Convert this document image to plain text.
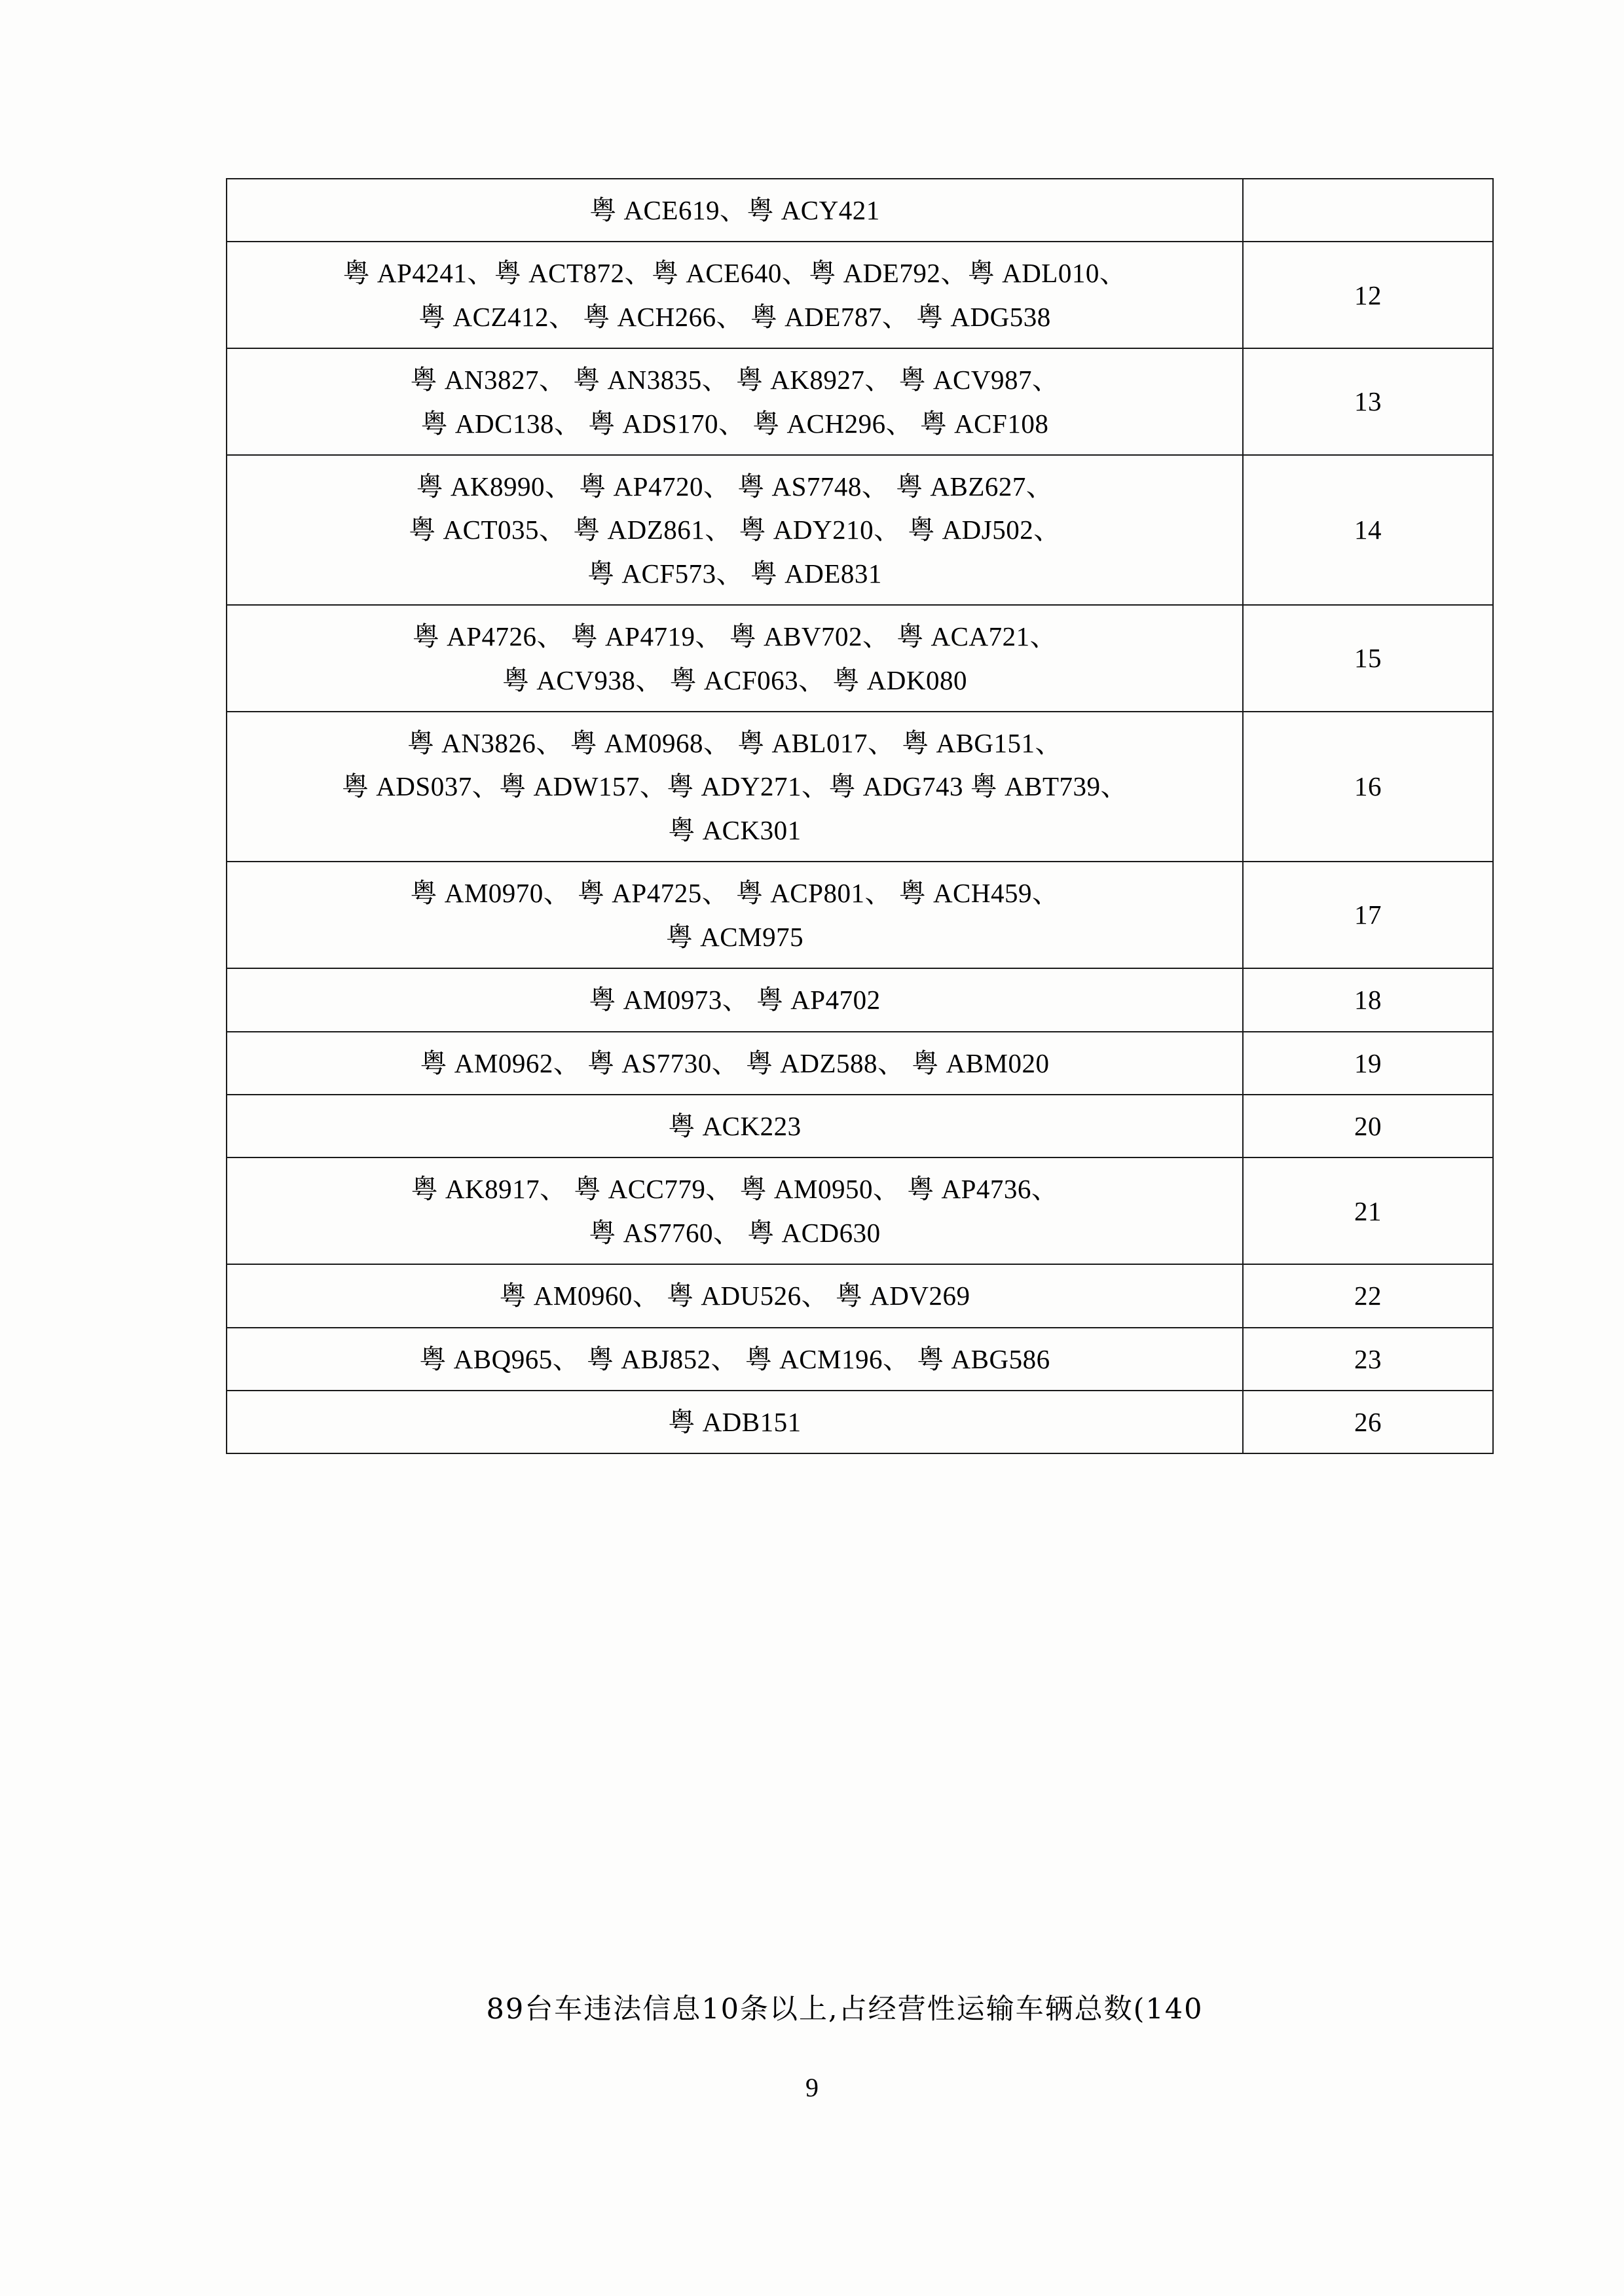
粤 ACE619、粤 ACY421	

粤 AP4241、粤 ACT872、粤 ACE640、粤 ADE792、粤 ADL010、
粤 ACZ412、 粤 ACH266、 粤 ADE787、 粤 ADG538	12

粤 AN3827、 粤 AN3835、 粤 AK8927、 粤 ACV987、
粤 ADC138、 粤 ADS170、 粤 ACH296、 粤 ACF108	13

粤 AK8990、 粤 AP4720、 粤 AS7748、 粤 ABZ627、
粤 ACT035、 粤 ADZ861、 粤 ADY210、 粤 ADJ502、
粤 ACF573、 粤 ADE831	14

粤 AP4726、 粤 AP4719、 粤 ABV702、 粤 ACA721、
粤 ACV938、 粤 ACF063、 粤 ADK080	15

粤 AN3826、 粤 AM0968、 粤 ABL017、 粤 ABG151、
粤 ADS037、粤 ADW157、粤 ADY271、粤 ADG743 粤 ABT739、
粤 ACK301	16

粤 AM0970、 粤 AP4725、 粤 ACP801、 粤 ACH459、
粤 ACM975	17

粤 AM0973、 粤 AP4702	18

粤 AM0962、 粤 AS7730、 粤 ADZ588、 粤 ABM020	19

粤 ACK223	20

粤 AK8917、 粤 ACC779、 粤 AM0950、 粤 AP4736、
粤 AS7760、 粤 ACD630	21

粤 AM0960、 粤 ADU526、 粤 ADV269	22

粤 ABQ965、 粤 ABJ852、 粤 ACM196、 粤 ABG586	23

粤 ADB151	26
89台车违法信息10条以上,占经营性运输车辆总数(140
9
